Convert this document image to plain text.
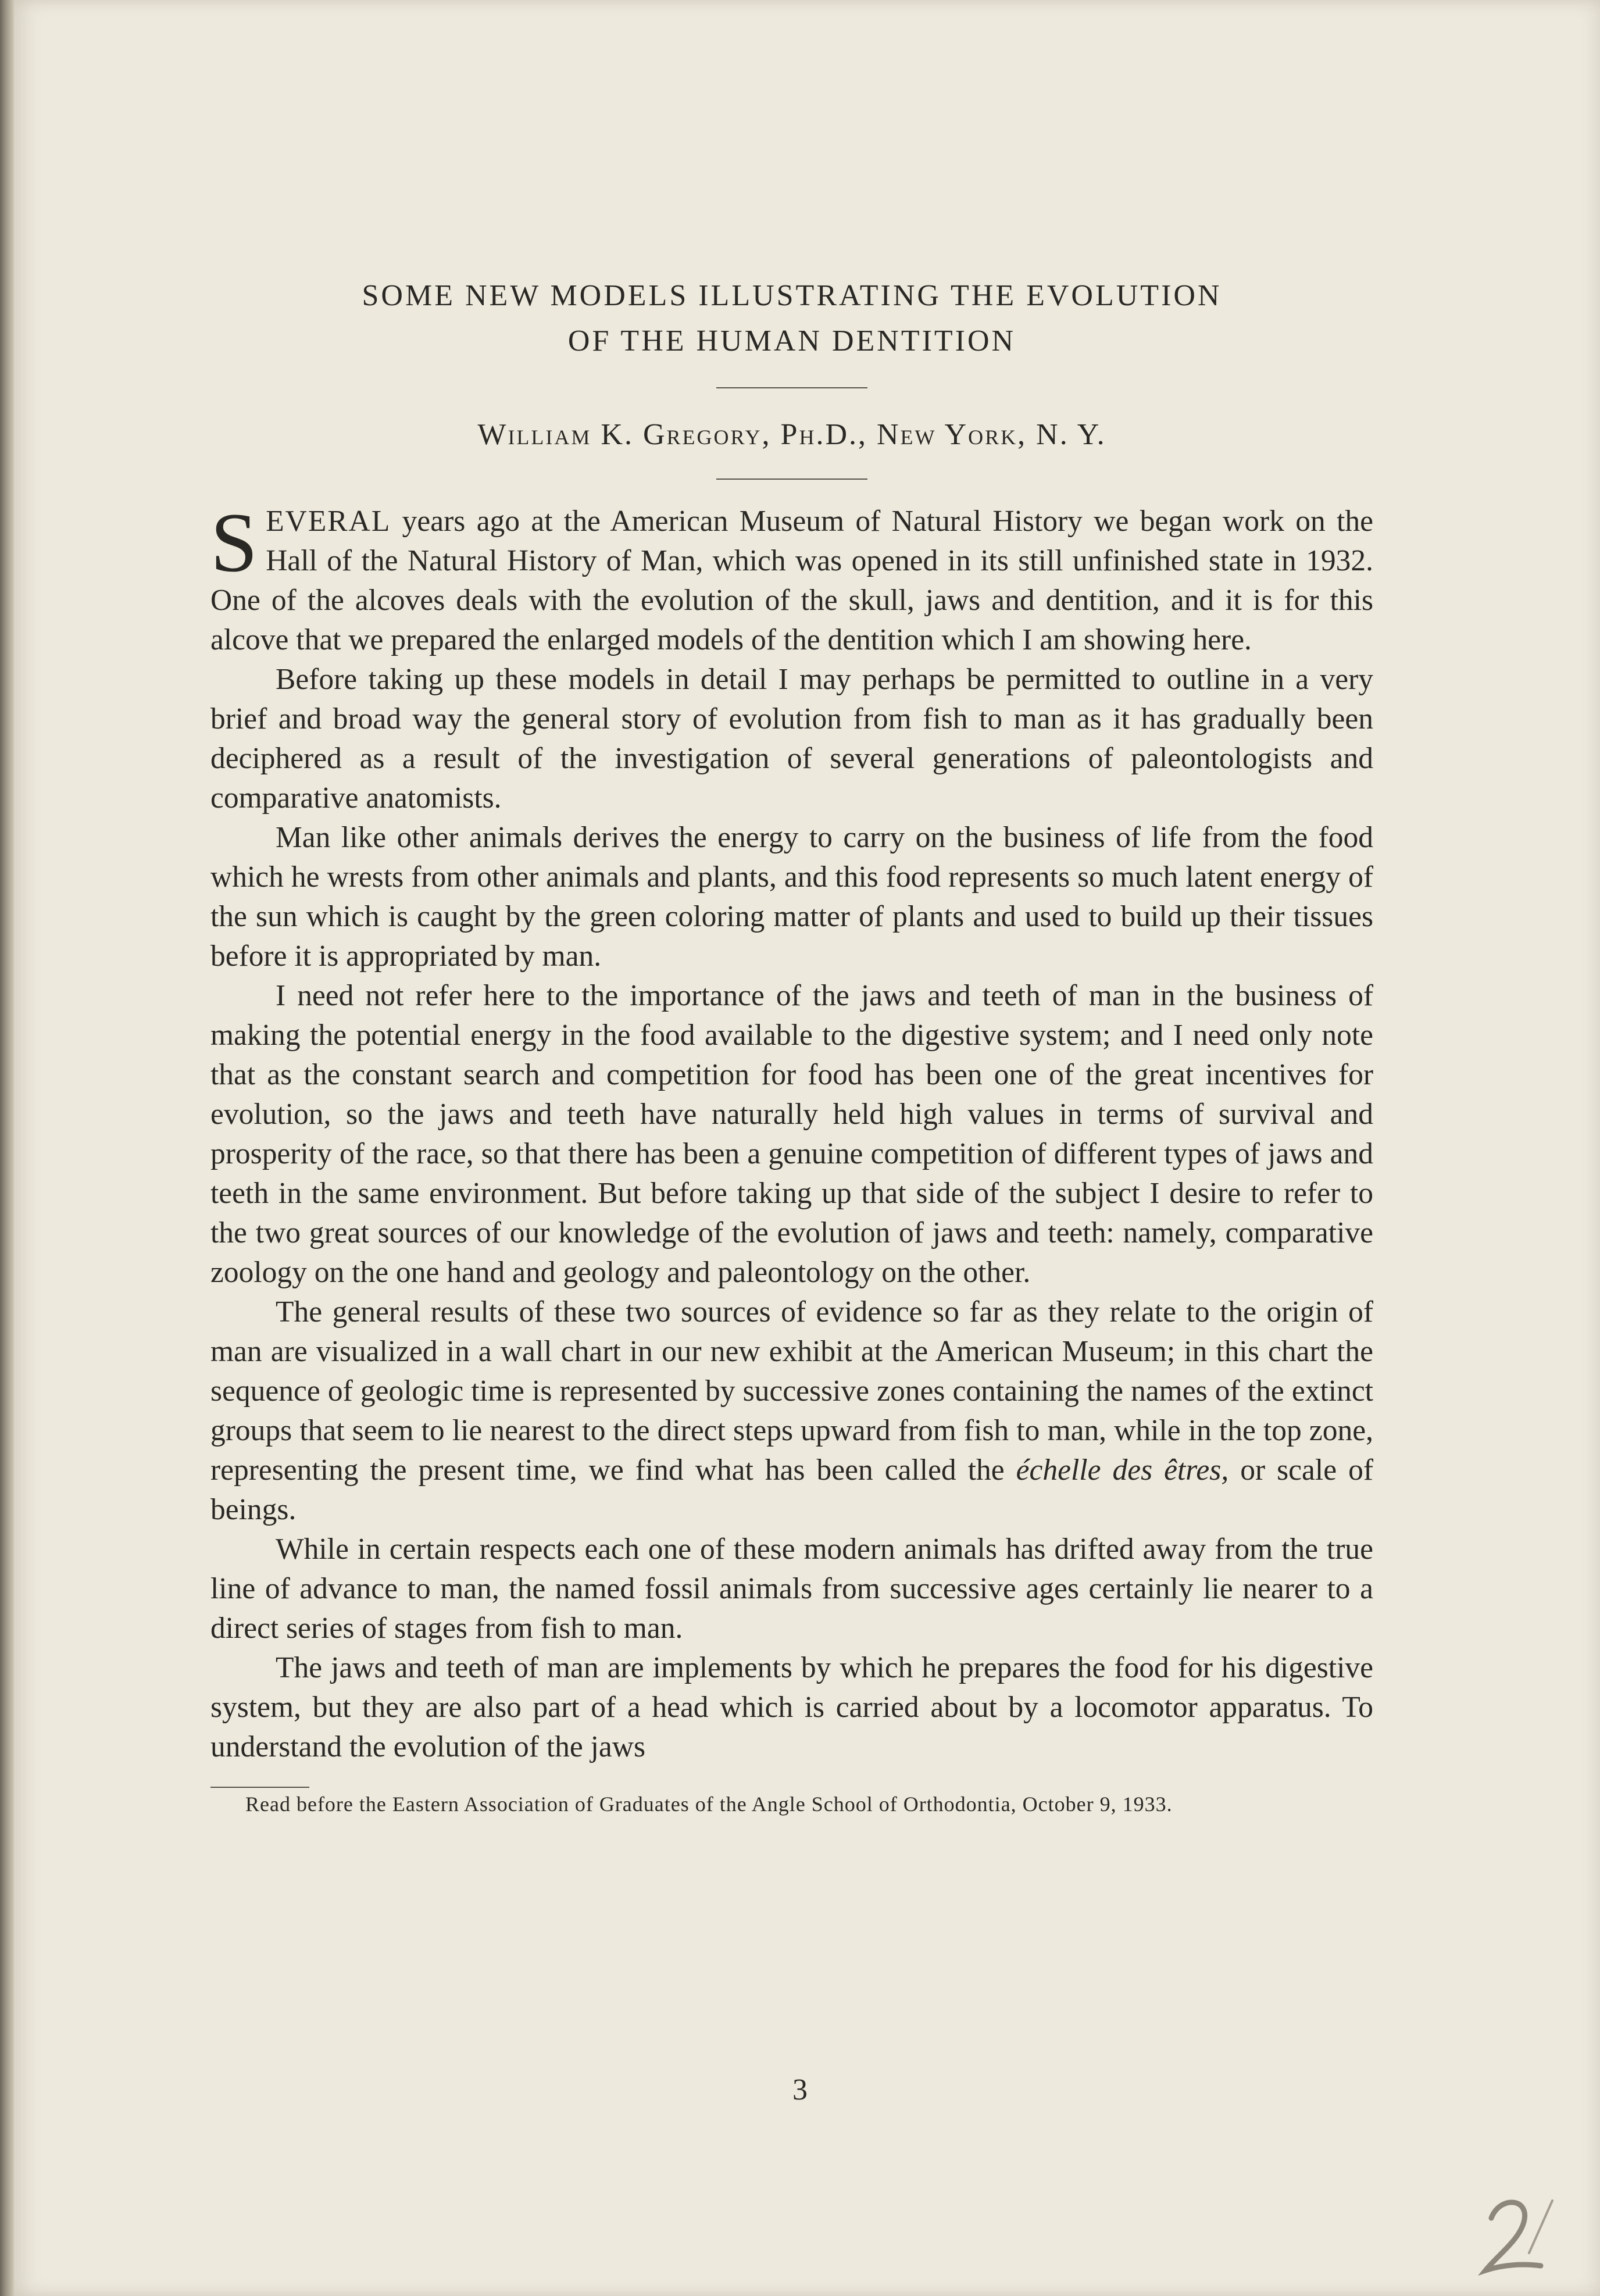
SOME NEW MODELS ILLUSTRATING THE EVOLUTION
OF THE HUMAN DENTITION
William K. Gregory, Ph.D., New York, N. Y.

SEVERAL years ago at the American Museum of Natural History we began work on the Hall of the Natural History of Man, which was opened in its still unfinished state in 1932. One of the alcoves deals with the evolution of the skull, jaws and dentition, and it is for this alcove that we prepared the enlarged models of the dentition which I am showing here.

Before taking up these models in detail I may perhaps be permitted to outline in a very brief and broad way the general story of evolution from fish to man as it has gradually been deciphered as a result of the investigation of several generations of paleontologists and comparative anatomists.

Man like other animals derives the energy to carry on the business of life from the food which he wrests from other animals and plants, and this food represents so much latent energy of the sun which is caught by the green coloring matter of plants and used to build up their tissues before it is appropriated by man.

I need not refer here to the importance of the jaws and teeth of man in the business of making the potential energy in the food available to the digestive system; and I need only note that as the constant search and competition for food has been one of the great incentives for evolution, so the jaws and teeth have naturally held high values in terms of survival and prosperity of the race, so that there has been a genuine competition of different types of jaws and teeth in the same environment. But before taking up that side of the subject I desire to refer to the two great sources of our knowledge of the evolution of jaws and teeth: namely, comparative zoology on the one hand and geology and paleontology on the other.

The general results of these two sources of evidence so far as they relate to the origin of man are visualized in a wall chart in our new exhibit at the American Museum; in this chart the sequence of geologic time is represented by successive zones containing the names of the extinct groups that seem to lie nearest to the direct steps upward from fish to man, while in the top zone, representing the present time, we find what has been called the échelle des êtres, or scale of beings.

While in certain respects each one of these modern animals has drifted away from the true line of advance to man, the named fossil animals from successive ages certainly lie nearer to a direct series of stages from fish to man.

The jaws and teeth of man are implements by which he prepares the food for his digestive system, but they are also part of a head which is carried about by a locomotor apparatus. To understand the evolution of the jaws

Read before the Eastern Association of Graduates of the Angle School of Orthodontia, October 9, 1933.

3
